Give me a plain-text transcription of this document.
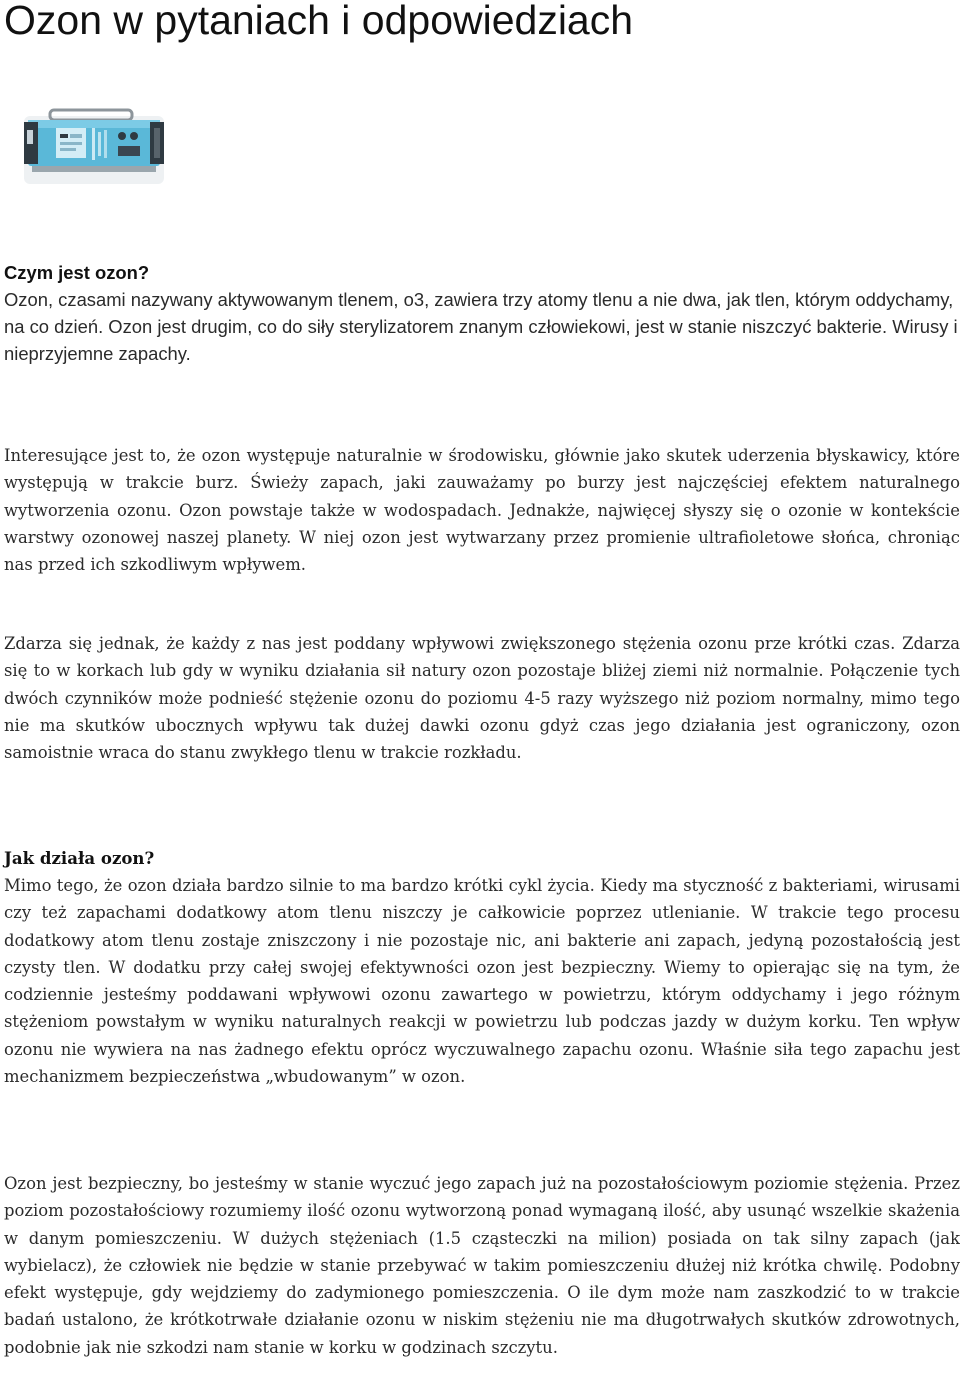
Ozon w pytaniach i odpowiedziach
Czym jest ozon?

Ozon, czasami nazywany aktywowanym tlenem, o3, zawiera trzy atomy tlenu a nie dwa, jak tlen, którym oddychamy, na co dzień. Ozon jest drugim, co do siły sterylizatorem znanym człowiekowi, jest w stanie niszczyć bakterie. Wirusy i nieprzyjemne zapachy.

Interesujące jest to, że ozon występuje naturalnie w środowisku, głównie jako skutek uderzenia błyskawicy, które występują w trakcie burz. Świeży zapach, jaki zauważamy po burzy jest najczęściej efektem naturalnego wytworzenia ozonu. Ozon powstaje także w wodospadach. Jednakże, najwięcej słyszy się o ozonie w kontekście warstwy ozonowej naszej planety. W niej ozon jest wytwarzany przez promienie ultrafioletowe słońca, chroniąc nas przed ich szkodliwym wpływem.

Zdarza się jednak, że każdy z nas jest poddany wpływowi zwiększonego stężenia ozonu prze krótki czas. Zdarza się to w korkach lub gdy w wyniku działania sił natury ozon pozostaje bliżej ziemi niż normalnie. Połączenie tych dwóch czynników może podnieść stężenie ozonu do poziomu 4-5 razy wyższego niż poziom normalny, mimo tego nie ma skutków ubocznych wpływu tak dużej dawki ozonu gdyż czas jego działania jest ograniczony, ozon samoistnie wraca do stanu zwykłego tlenu w trakcie rozkładu.

Jak działa ozon?

Mimo tego, że ozon działa bardzo silnie to ma bardzo krótki cykl życia. Kiedy ma styczność z bakteriami, wirusami czy też zapachami dodatkowy atom tlenu niszczy je całkowicie poprzez utlenianie. W trakcie tego procesu dodatkowy atom tlenu zostaje zniszczony i nie pozostaje nic, ani bakterie ani zapach, jedyną pozostałością jest czysty tlen. W dodatku przy całej swojej efektywności ozon jest bezpieczny. Wiemy to opierając się na tym, że codziennie jesteśmy poddawani wpływowi ozonu zawartego w powietrzu, którym oddychamy i jego różnym stężeniom powstałym w wyniku naturalnych reakcji w powietrzu lub podczas jazdy w dużym korku. Ten wpływ ozonu nie wywiera na nas żadnego efektu oprócz wyczuwalnego zapachu ozonu. Właśnie siła tego zapachu jest mechanizmem bezpieczeństwa „wbudowanym” w ozon.

Ozon jest bezpieczny, bo jesteśmy w stanie wyczuć jego zapach już na pozostałościowym poziomie stężenia. Przez poziom pozostałościowy rozumiemy ilość ozonu wytworzoną ponad wymaganą ilość, aby usunąć wszelkie skażenia w danym pomieszczeniu. W dużych stężeniach (1.5 cząsteczki na milion) posiada on tak silny zapach (jak wybielacz), że człowiek nie będzie w stanie przebywać w takim pomieszczeniu dłużej niż krótka chwilę. Podobny efekt występuje, gdy wejdziemy do zadymionego pomieszczenia. O ile dym może nam zaszkodzić to w trakcie badań ustalono, że krótkotrwałe działanie ozonu w niskim stężeniu nie ma długotrwałych skutków zdrowotnych, podobnie jak nie szkodzi nam stanie w korku w godzinach szczytu.
